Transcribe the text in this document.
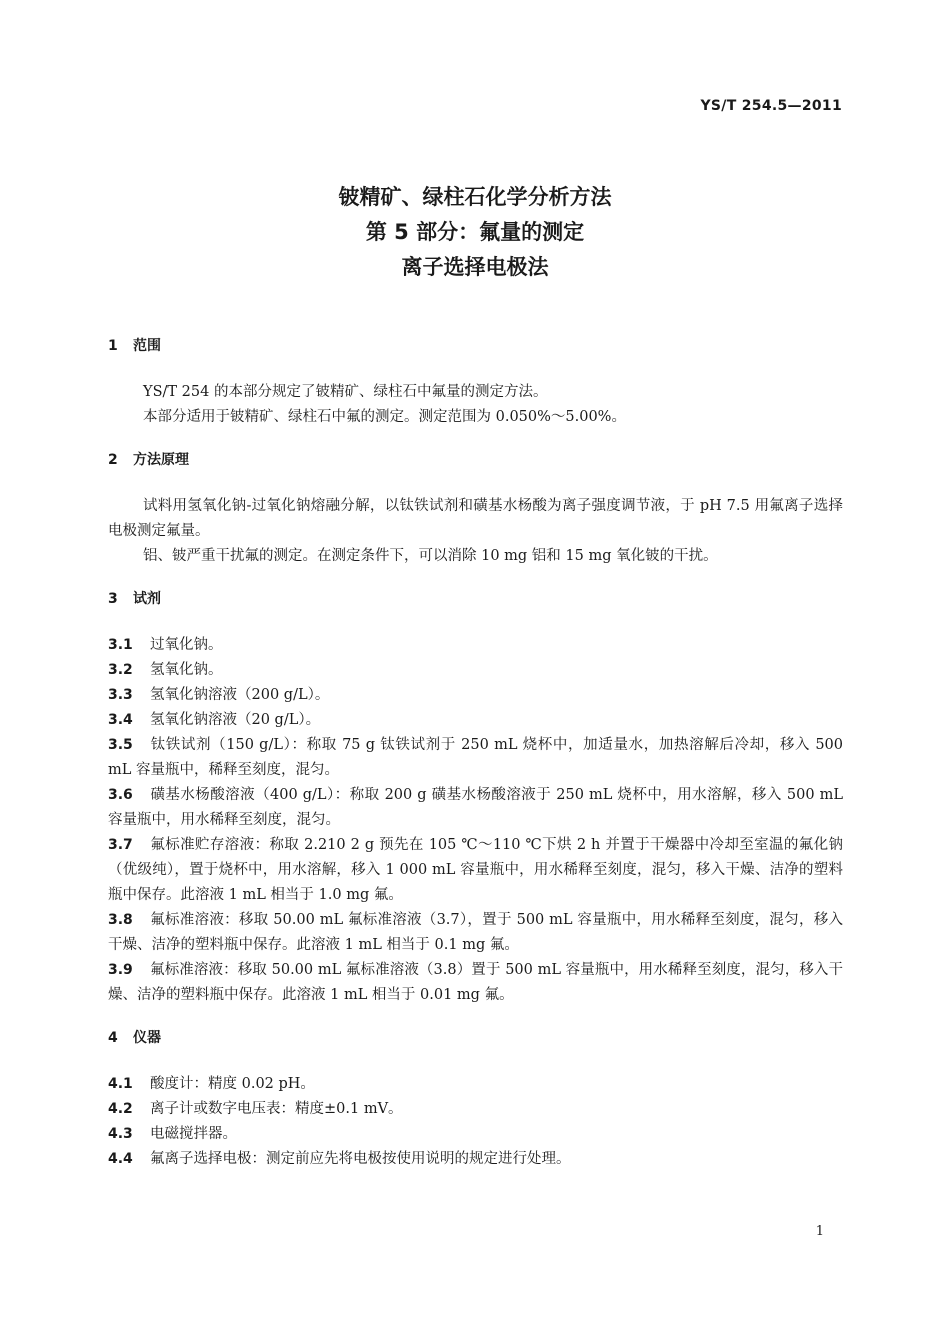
YS/T 254.5—2011
铍精矿、绿柱石化学分析方法
第 5 部分：氟量的测定
离子选择电极法
1 范围

YS/T 254 的本部分规定了铍精矿、绿柱石中氟量的测定方法。

本部分适用于铍精矿、绿柱石中氟的测定。测定范围为 0.050%～5.00%。

2 方法原理

试料用氢氧化钠-过氧化钠熔融分解，以钛铁试剂和磺基水杨酸为离子强度调节液，于 pH 7.5 用氟离子选择电极测定氟量。

铝、铍严重干扰氟的测定。在测定条件下，可以消除 10 mg 铝和 15 mg 氧化铍的干扰。

3 试剂

3.1 过氧化钠。

3.2 氢氧化钠。

3.3 氢氧化钠溶液（200 g/L）。

3.4 氢氧化钠溶液（20 g/L）。

3.5 钛铁试剂（150 g/L）：称取 75 g 钛铁试剂于 250 mL 烧杯中，加适量水，加热溶解后冷却，移入 500 mL 容量瓶中，稀释至刻度，混匀。

3.6 磺基水杨酸溶液（400 g/L）：称取 200 g 磺基水杨酸溶液于 250 mL 烧杯中，用水溶解，移入 500 mL 容量瓶中，用水稀释至刻度，混匀。

3.7 氟标准贮存溶液：称取 2.210 2 g 预先在 105 ℃～110 ℃下烘 2 h 并置于干燥器中冷却至室温的氟化钠（优级纯），置于烧杯中，用水溶解，移入 1 000 mL 容量瓶中，用水稀释至刻度，混匀，移入干燥、洁净的塑料瓶中保存。此溶液 1 mL 相当于 1.0 mg 氟。

3.8 氟标准溶液：移取 50.00 mL 氟标准溶液（3.7），置于 500 mL 容量瓶中，用水稀释至刻度，混匀，移入干燥、洁净的塑料瓶中保存。此溶液 1 mL 相当于 0.1 mg 氟。

3.9 氟标准溶液：移取 50.00 mL 氟标准溶液（3.8）置于 500 mL 容量瓶中，用水稀释至刻度，混匀，移入干燥、洁净的塑料瓶中保存。此溶液 1 mL 相当于 0.01 mg 氟。

4 仪器

4.1 酸度计：精度 0.02 pH。

4.2 离子计或数字电压表：精度±0.1 mV。

4.3 电磁搅拌器。

4.4 氟离子选择电极：测定前应先将电极按使用说明的规定进行处理。

1
